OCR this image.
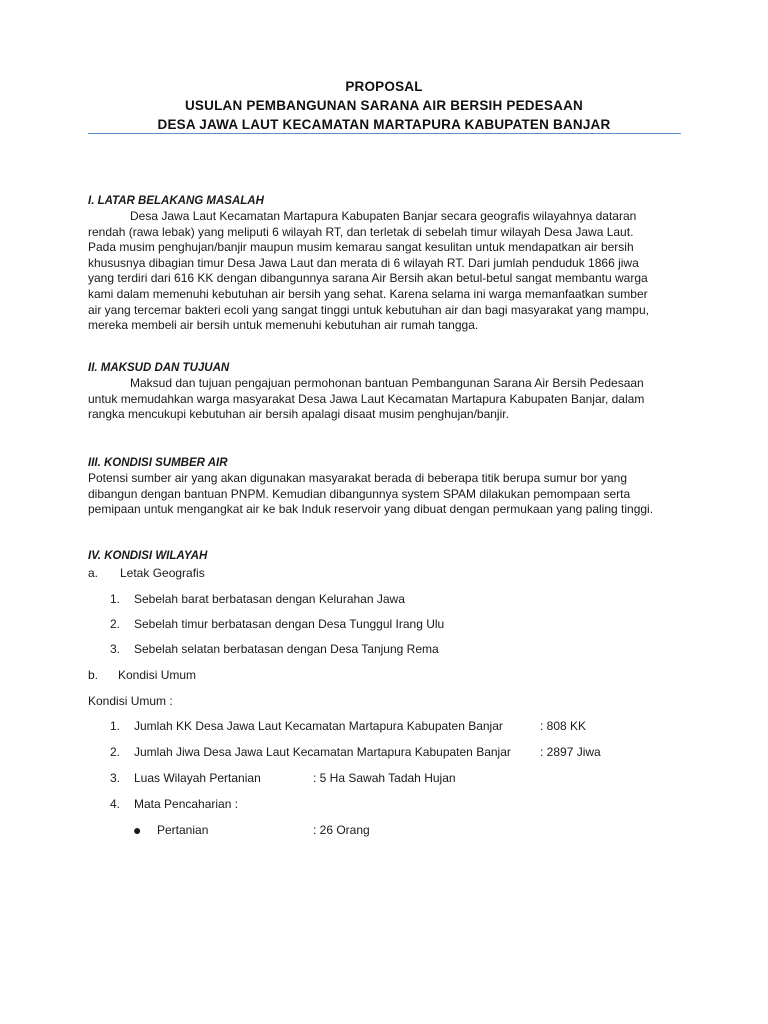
PROPOSAL
USULAN PEMBANGUNAN SARANA AIR BERSIH PEDESAAN
DESA JAWA LAUT KECAMATAN MARTAPURA KABUPATEN BANJAR
I. LATAR BELAKANG MASALAH
Desa Jawa Laut Kecamatan Martapura Kabupaten Banjar secara geografis wilayahnya dataran
rendah (rawa lebak) yang meliputi 6 wilayah RT, dan terletak di sebelah timur wilayah Desa Jawa Laut.
Pada musim penghujan/banjir maupun musim kemarau sangat kesulitan untuk mendapatkan air bersih
khususnya dibagian timur Desa Jawa Laut dan merata di 6 wilayah RT. Dari jumlah penduduk 1866 jiwa
yang terdiri dari 616 KK dengan dibangunnya sarana Air Bersih akan betul-betul sangat membantu warga
kami dalam memenuhi kebutuhan air bersih yang sehat. Karena selama ini warga memanfaatkan sumber
air yang tercemar bakteri ecoli yang sangat tinggi untuk kebutuhan air dan bagi masyarakat yang mampu,
mereka membeli air bersih untuk memenuhi kebutuhan air rumah tangga.
II. MAKSUD DAN TUJUAN
Maksud dan tujuan pengajuan permohonan bantuan Pembangunan Sarana Air Bersih Pedesaan
untuk memudahkan warga masyarakat Desa Jawa Laut Kecamatan Martapura Kabupaten Banjar, dalam
rangka mencukupi kebutuhan air bersih apalagi disaat musim penghujan/banjir.
III. KONDISI SUMBER AIR
Potensi sumber air yang akan digunakan masyarakat berada di beberapa titik berupa sumur bor yang
dibangun dengan bantuan PNPM. Kemudian dibangunnya system SPAM dilakukan pemompaan serta
pemipaan untuk mengangkat air ke bak Induk reservoir yang dibuat dengan permukaan yang paling tinggi.
IV. KONDISI WILAYAH
a.	Letak Geografis
1.	Sebelah barat berbatasan dengan Kelurahan Jawa
2.	Sebelah timur berbatasan dengan Desa Tunggul Irang Ulu
3.	Sebelah selatan berbatasan dengan Desa Tanjung Rema
b.	Kondisi Umum
Kondisi Umum :
1.	Jumlah KK Desa Jawa Laut Kecamatan Martapura Kabupaten Banjar	: 808 KK
2.	Jumlah Jiwa Desa Jawa Laut Kecamatan Martapura Kabupaten Banjar : 2897 Jiwa
3.	Luas Wilayah Pertanian	: 5 Ha Sawah Tadah Hujan
4.	Mata Pencaharian :
● Pertanian	: 26 Orang
